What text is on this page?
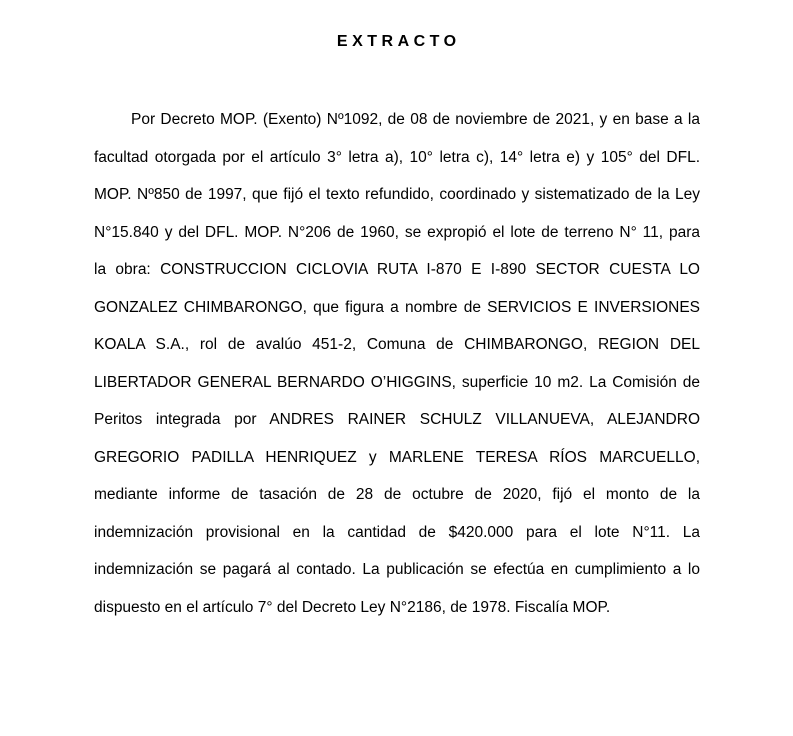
EXTRACTO
Por Decreto MOP. (Exento) Nº1092, de 08 de noviembre de 2021, y en base a la
facultad otorgada por el artículo 3° letra a), 10° letra c), 14° letra e) y 105° del DFL.
MOP. Nº850 de 1997, que fijó el texto refundido, coordinado y sistematizado de la Ley
N°15.840 y del DFL. MOP. N°206 de 1960, se expropió el lote de terreno N° 11, para
la obra: CONSTRUCCION CICLOVIA RUTA I-870 E I-890 SECTOR CUESTA LO
GONZALEZ CHIMBARONGO, que figura a nombre de SERVICIOS E INVERSIONES
KOALA S.A., rol de avalúo 451-2, Comuna de CHIMBARONGO, REGION DEL
LIBERTADOR GENERAL BERNARDO O’HIGGINS, superficie 10 m2. La Comisión de
Peritos integrada por ANDRES RAINER SCHULZ VILLANUEVA, ALEJANDRO
GREGORIO PADILLA HENRIQUEZ y MARLENE TERESA RÍOS MARCUELLO,
mediante informe de tasación de 28 de octubre de 2020, fijó el monto de la
indemnización provisional en la cantidad de $420.000 para el lote N°11. La
indemnización se pagará al contado. La publicación se efectúa en cumplimiento a lo
dispuesto en el artículo 7° del Decreto Ley N°2186, de 1978. Fiscalía MOP.
